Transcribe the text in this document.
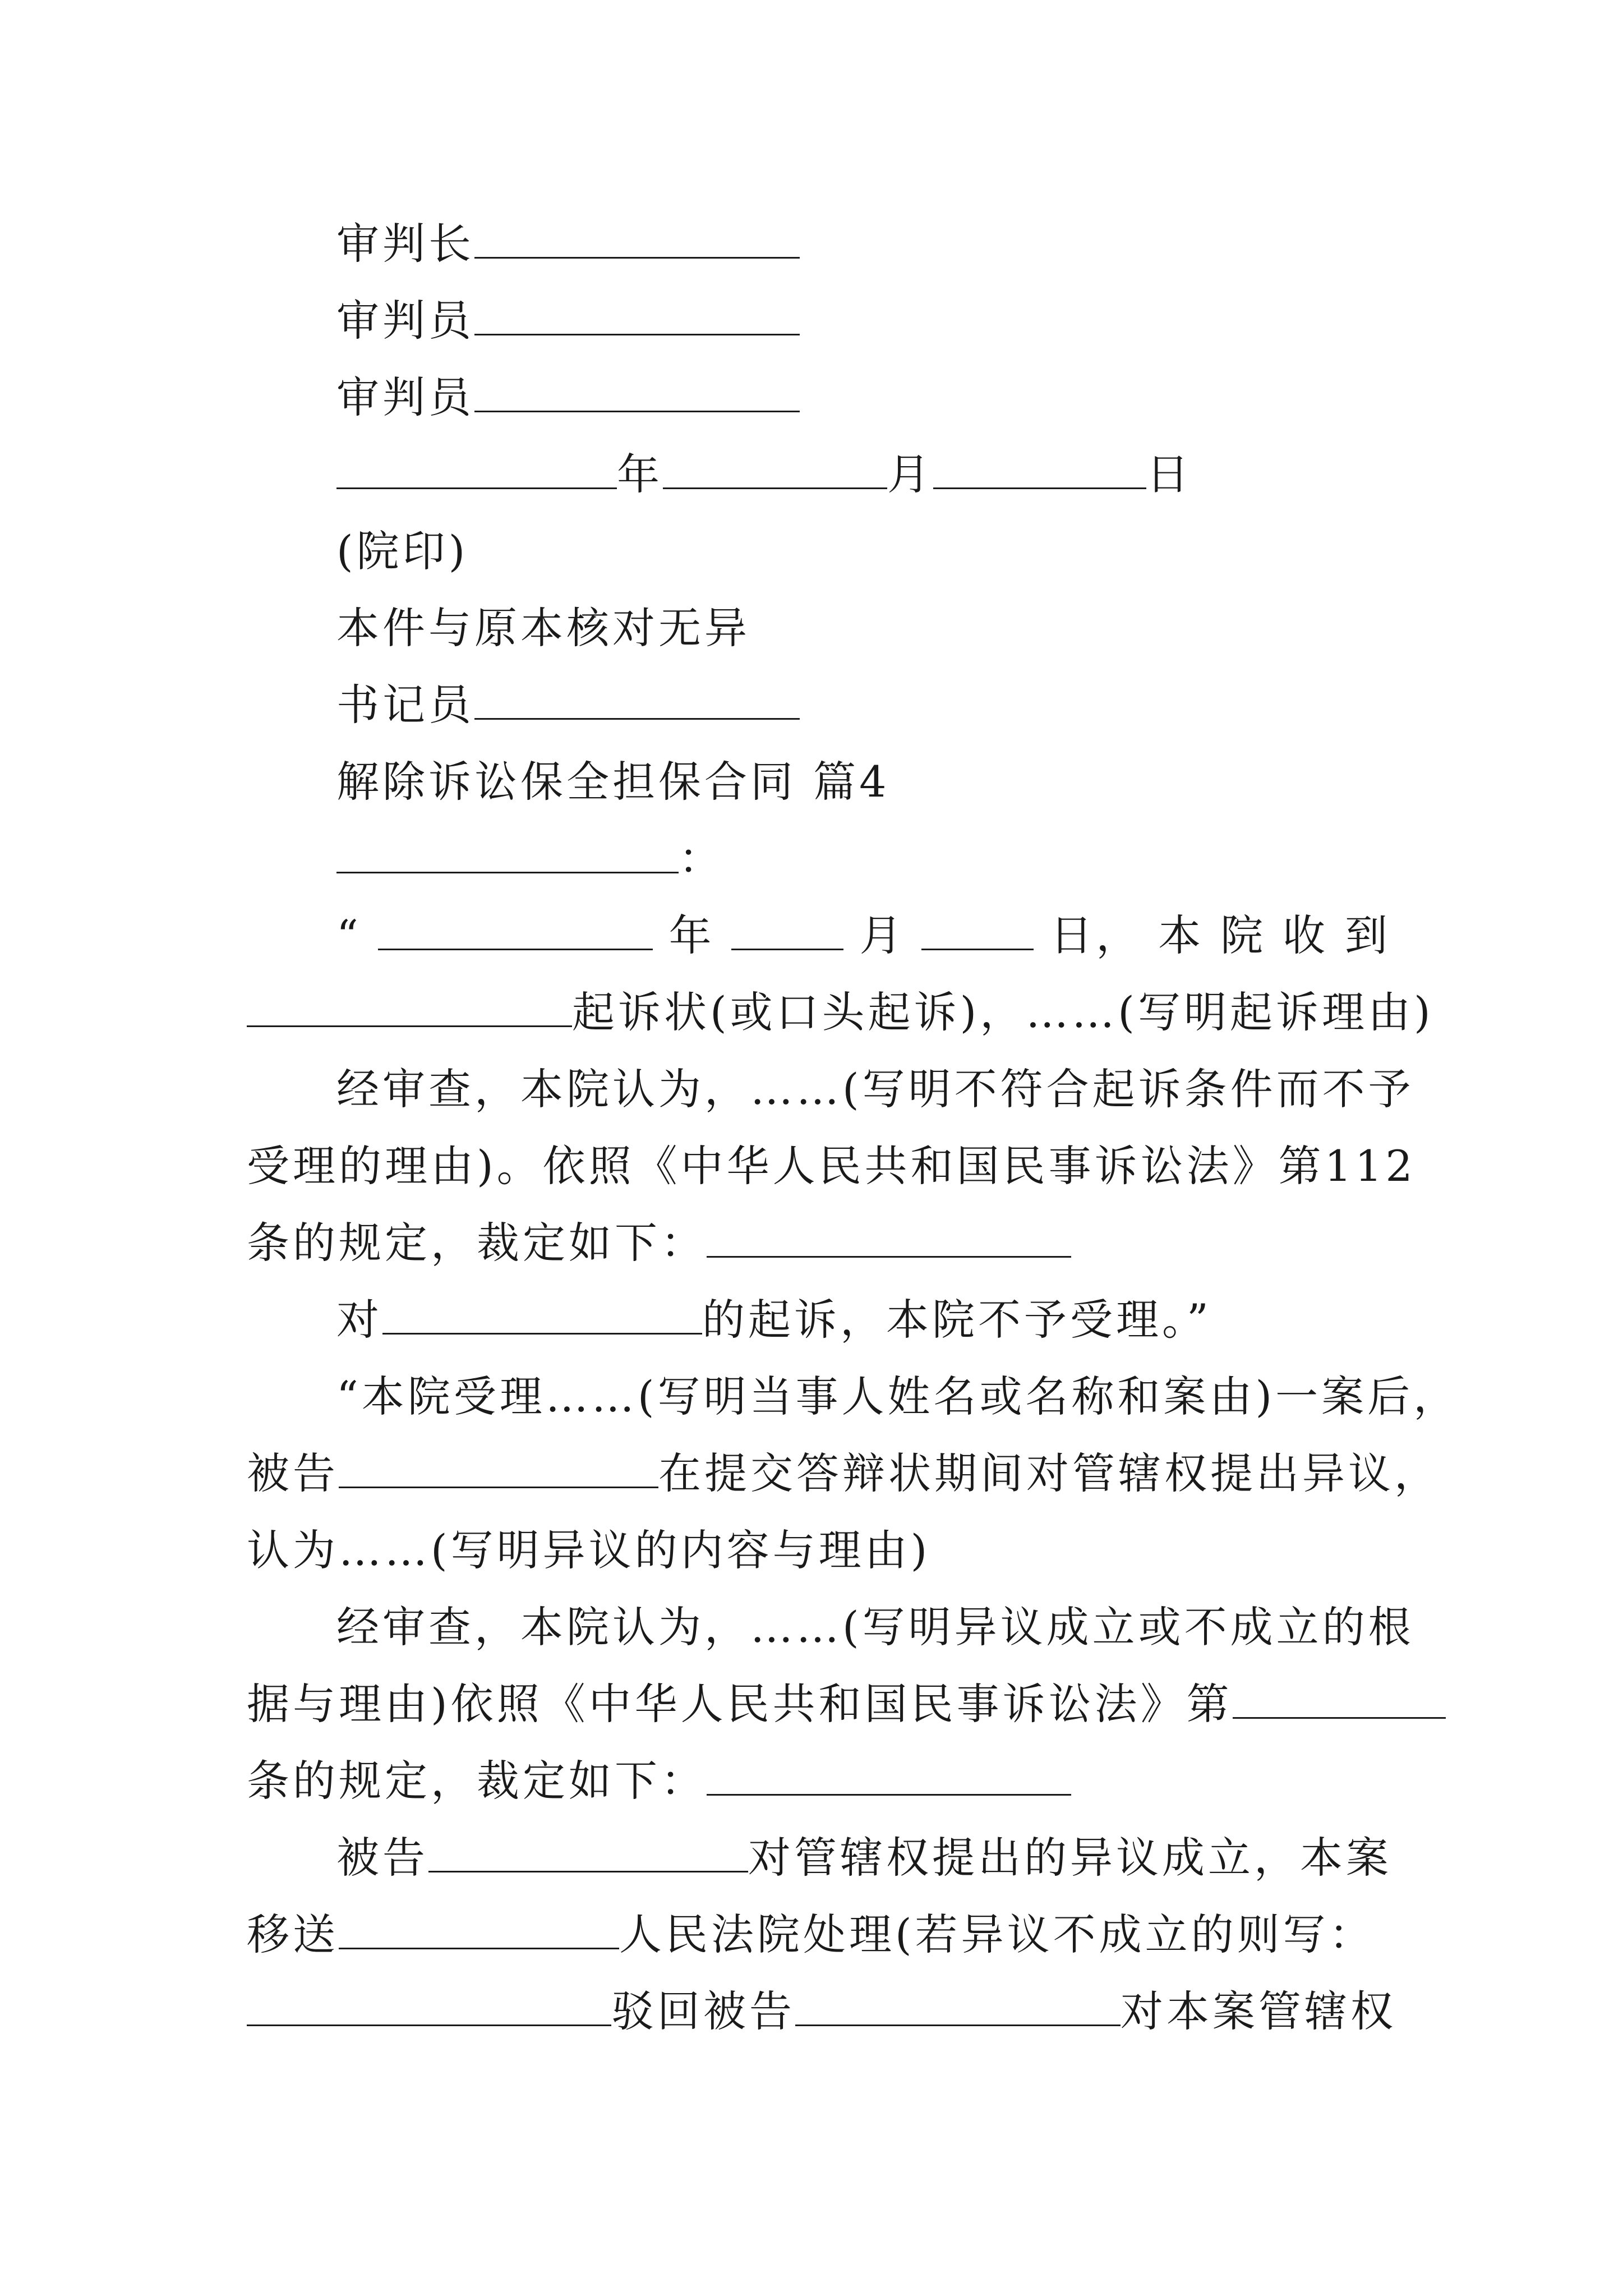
审判长
审判员
审判员
年	月	日
(院印)
本件与原本核对无异
书记员
解除诉讼保全担保合同 篇4
：
“	年	月	日， 本 院 收 到
起诉状(或口头起诉)，……(写明起诉理由)
经审查，本院认为，……(写明不符合起诉条件而不予
受理的理由)。依照《中华人民共和国民事诉讼法》第112
条的规定，裁定如下：
对	的起诉，本院不予受理。”
“本院受理……(写明当事人姓名或名称和案由)一案后，
被告	在提交答辩状期间对管辖权提出异议，
认为……(写明异议的内容与理由)
经审查，本院认为，……(写明异议成立或不成立的根
据与理由)依照《中华人民共和国民事诉讼法》第
条的规定，裁定如下：
被告	对管辖权提出的异议成立，本案
移送	人民法院处理(若异议不成立的则写：
驳回被告	对本案管辖权
